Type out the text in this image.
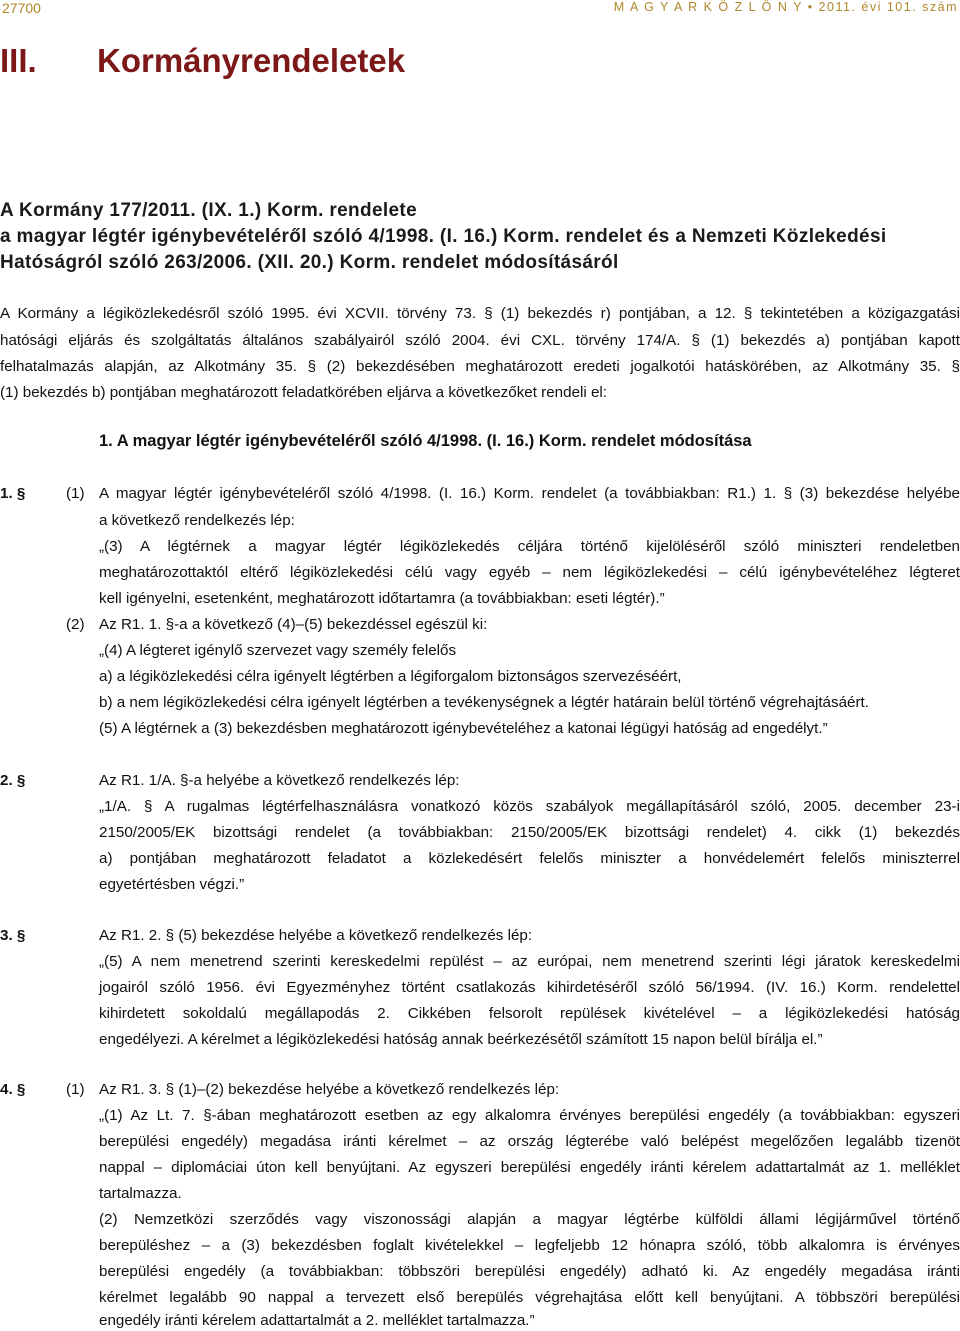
27700	M A G Y A R K Ö Z L Ö N Y • 2011. évi 101. szám
III. Kormányrendeletek
A Kormány 177/2011. (IX. 1.) Korm. rendelete
a magyar légtér igénybevételéről szóló 4/1998. (I. 16.) Korm. rendelet és a Nemzeti Közlekedési
Hatóságról szóló 263/2006. (XII. 20.) Korm. rendelet módosításáról
A Kormány a légiközlekedésről szóló 1995. évi XCVII. törvény 73. § (1) bekezdés r) pontjában, a 12. § tekintetében a közigazgatási
hatósági eljárás és szolgáltatás általános szabályairól szóló 2004. évi CXL. törvény 174/A. § (1) bekezdés a) pontjában kapott
felhatalmazás alapján, az Alkotmány 35. § (2) bekezdésében meghatározott eredeti jogalkotói hatáskörében, az Alkotmány 35. §
(1) bekezdés b) pontjában meghatározott feladatkörében eljárva a következőket rendeli el:
1. A magyar légtér igénybevételéről szóló 4/1998. (I. 16.) Korm. rendelet módosítása
1. §	(1) A magyar légtér igénybevételéről szóló 4/1998. (I. 16.) Korm. rendelet (a továbbiakban: R1.) 1. § (3) bekezdése helyébe
a következő rendelkezés lép:
„(3) A légtérnek a magyar légtér légiközlekedés céljára történő kijelöléséről szóló miniszteri rendeletben
meghatározottaktól eltérő légiközlekedési célú vagy egyéb – nem légiközlekedési – célú igénybevételéhez légteret
kell igényelni, esetenként, meghatározott időtartamra (a továbbiakban: eseti légtér).”
(2) Az R1. 1. §-a a következő (4)–(5) bekezdéssel egészül ki:
„(4) A légteret igénylő szervezet vagy személy felelős
a) a légiközlekedési célra igényelt légtérben a légiforgalom biztonságos szervezéséért,
b) a nem légiközlekedési célra igényelt légtérben a tevékenységnek a légtér határain belül történő végrehajtásáért.
(5) A légtérnek a (3) bekezdésben meghatározott igénybevételéhez a katonai légügyi hatóság ad engedélyt.”
2. §	Az R1. 1/A. §-a helyébe a következő rendelkezés lép:
„1/A. § A rugalmas légtérfelhasználásra vonatkozó közös szabályok megállapításáról szóló, 2005. december 23-i
2150/2005/EK bizottsági rendelet (a továbbiakban: 2150/2005/EK bizottsági rendelet) 4. cikk (1) bekezdés
a) pontjában meghatározott feladatot a közlekedésért felelős miniszter a honvédelemért felelős miniszterrel
egyetértésben végzi.”
3. §	Az R1. 2. § (5) bekezdése helyébe a következő rendelkezés lép:
„(5) A nem menetrend szerinti kereskedelmi repülést – az európai, nem menetrend szerinti légi járatok kereskedelmi
jogairól szóló 1956. évi Egyezményhez történt csatlakozás kihirdetéséről szóló 56/1994. (IV. 16.) Korm. rendelettel
kihirdetett sokoldalú megállapodás 2. Cikkében felsorolt repülések kivételével – a légiközlekedési hatóság
engedélyezi. A kérelmet a légiközlekedési hatóság annak beérkezésétől számított 15 napon belül bírálja el.”
4. §	(1) Az R1. 3. § (1)–(2) bekezdése helyébe a következő rendelkezés lép:
„(1) Az Lt. 7. §-ában meghatározott esetben az egy alkalomra érvényes berepülési engedély (a továbbiakban: egyszeri
berepülési engedély) megadása iránti kérelmet – az ország légterébe való belépést megelőzően legalább tizenöt
nappal – diplomáciai úton kell benyújtani. Az egyszeri berepülési engedély iránti kérelem adattartalmát az 1. melléklet
tartalmazza.
(2) Nemzetközi szerződés vagy viszonossági alapján a magyar légtérbe külföldi állami légijárművel történő
berepüléshez – a (3) bekezdésben foglalt kivételekkel – legfeljebb 12 hónapra szóló, több alkalomra is érvényes
berepülési engedély (a továbbiakban: többszöri berepülési engedély) adható ki. Az engedély megadása iránti
kérelmet legalább 90 nappal a tervezett első berepülés végrehajtása előtt kell benyújtani. A többszöri berepülési
engedély iránti kérelem adattartalmát a 2. melléklet tartalmazza.”
